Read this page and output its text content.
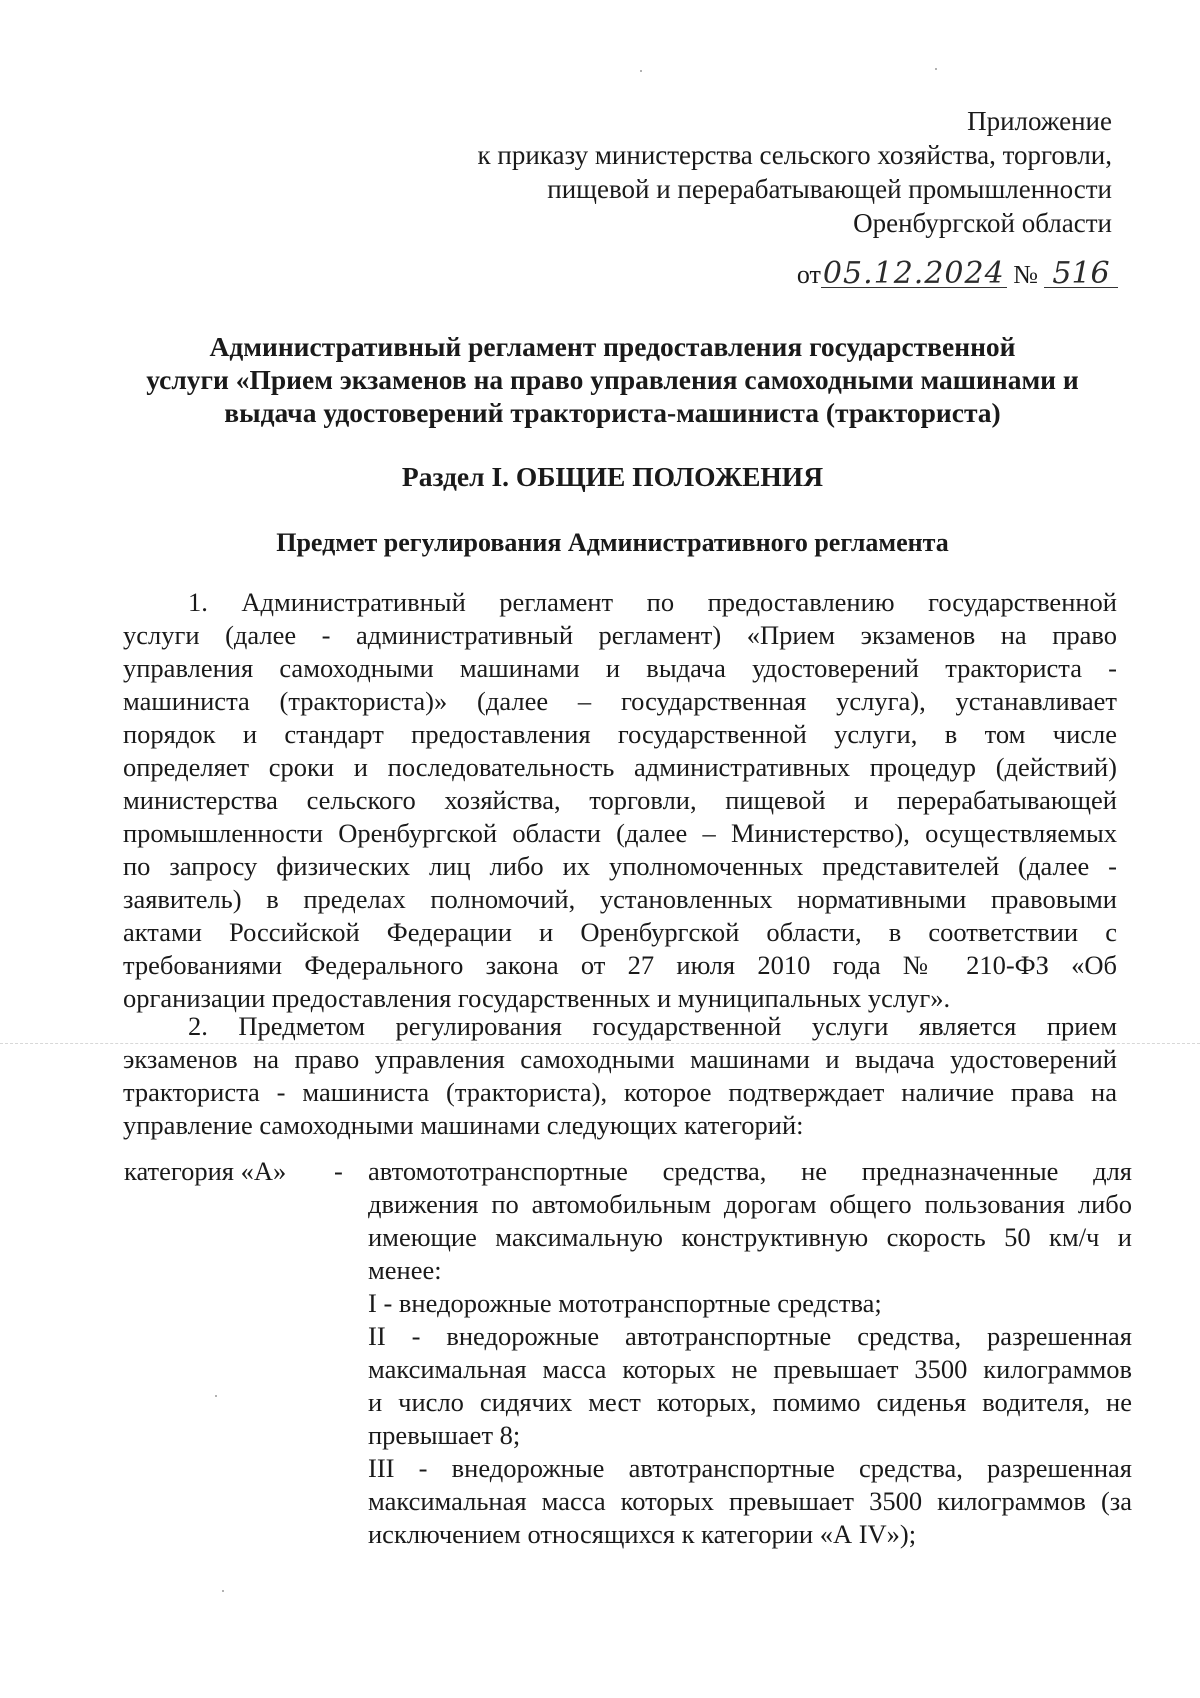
Приложение
к приказу министерства сельского хозяйства, торговли,
пищевой и перерабатывающей промышленности
Оренбургской области
от05.12.2024 № 516
Административный регламент предоставления государственной
услуги «Прием экзаменов на право управления самоходными машинами и
выдача удостоверений тракториста-машиниста (тракториста)
Раздел I. ОБЩИЕ ПОЛОЖЕНИЯ
Предмет регулирования Административного регламента
1. Административный регламент по предоставлению государственной
услуги (далее - административный регламент) «Прием экзаменов на право
управления самоходными машинами и выдача удостоверений тракториста -
машиниста (тракториста)» (далее – государственная услуга), устанавливает
порядок и стандарт предоставления государственной услуги, в том числе
определяет сроки и последовательность административных процедур (действий)
министерства сельского хозяйства, торговли, пищевой и перерабатывающей
промышленности Оренбургской области (далее – Министерство), осуществляемых
по запросу физических лиц либо их уполномоченных представителей (далее -
заявитель) в пределах полномочий, установленных нормативными правовыми
актами Российской Федерации и Оренбургской области, в соответствии с
требованиями Федерального закона от 27 июля 2010 года № 210-ФЗ «Об
организации предоставления государственных и муниципальных услуг».
2. Предметом регулирования государственной услуги является прием
экзаменов на право управления самоходными машинами и выдача удостоверений
тракториста - машиниста (тракториста), которое подтверждает наличие права на
управление самоходными машинами следующих категорий:
категория «А» - автомототранспортные средства, не предназначенные для
движения по автомобильным дорогам общего пользования либо
имеющие максимальную конструктивную скорость 50 км/ч и
менее:
I - внедорожные мототранспортные средства;
II - внедорожные автотранспортные средства, разрешенная
максимальная масса которых не превышает 3500 килограммов
и число сидячих мест которых, помимо сиденья водителя, не
превышает 8;
III - внедорожные автотранспортные средства, разрешенная
максимальная масса которых превышает 3500 килограммов (за
исключением относящихся к категории «А IV»);
